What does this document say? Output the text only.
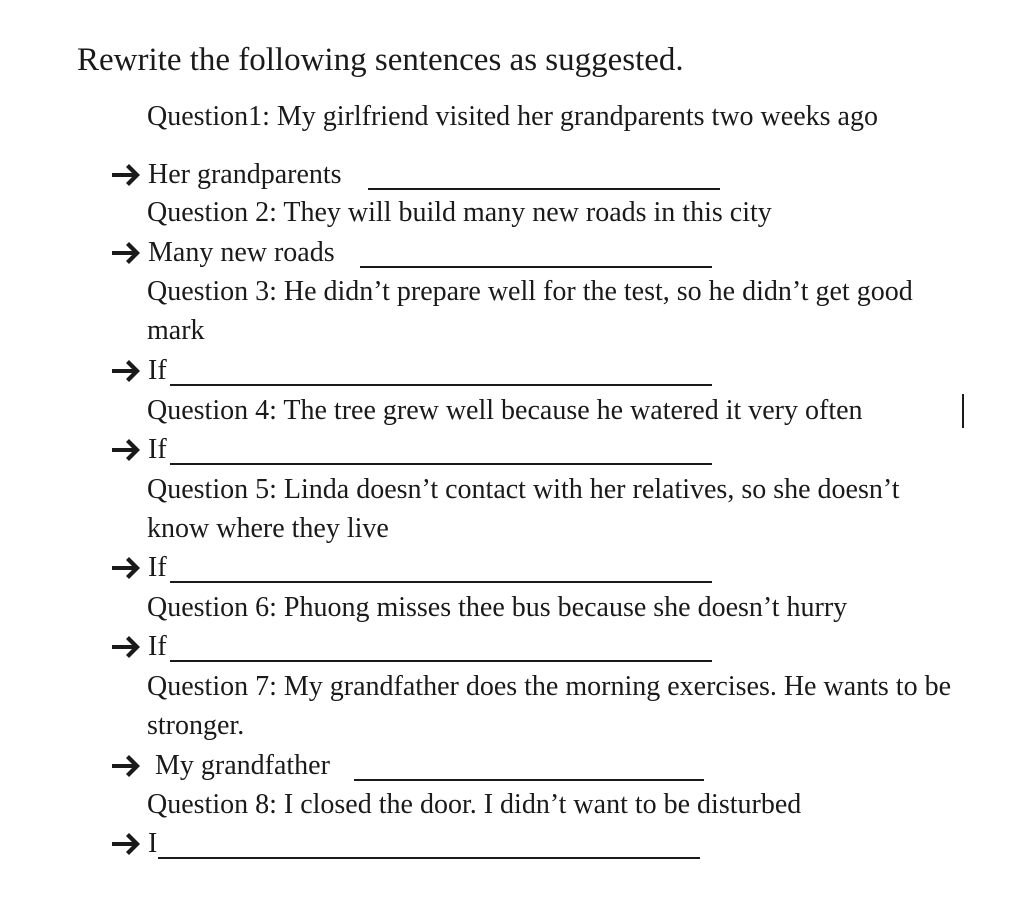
Rewrite the following sentences as suggested.
Question1: My girlfriend visited her grandparents two weeks ago
Her grandparents
Question 2: They will build many new roads in this city
Many new roads
Question 3: He didn’t prepare well for the test, so he didn’t get good mark
If
Question 4: The tree grew well because he watered it very often
If
Question 5: Linda doesn’t contact with her relatives, so she doesn’t know where they live
If
Question 6: Phuong misses thee bus because she doesn’t hurry
If
Question 7: My grandfather does the morning exercises. He wants to be stronger.
My grandfather
Question 8: I closed the door. I didn’t want to be disturbed
I
